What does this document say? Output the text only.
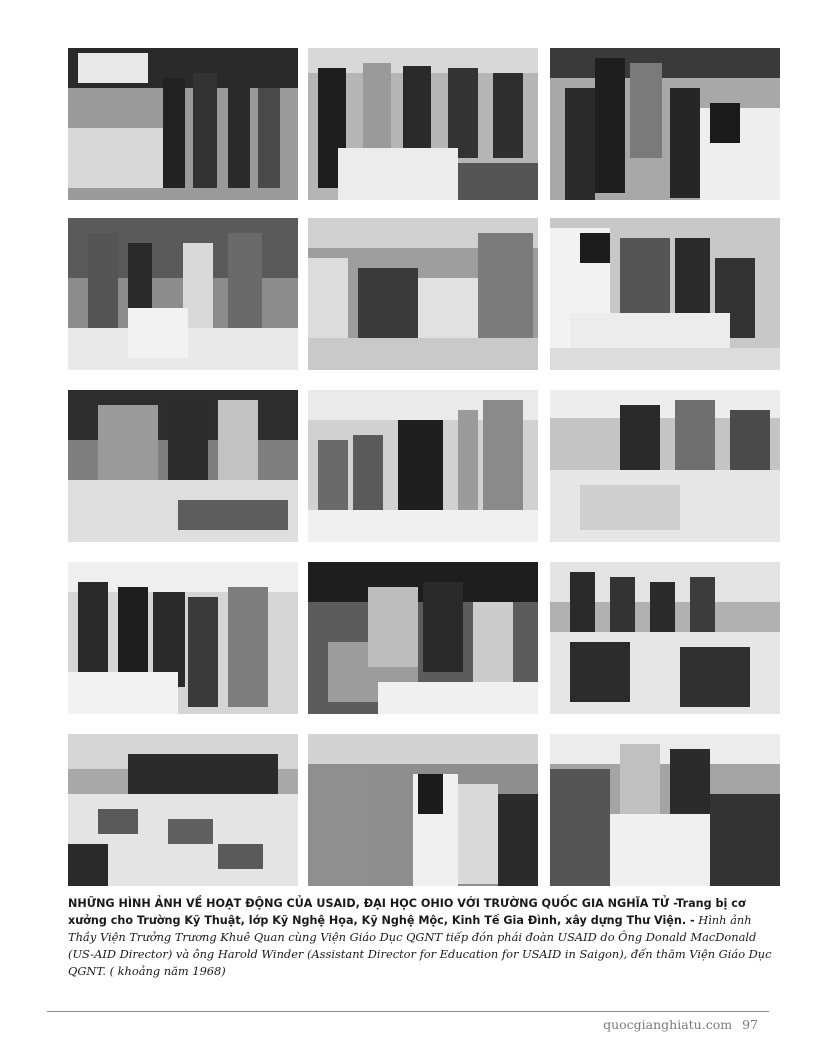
NHỮNG HÌNH ẢNH VỀ HOẠT ĐỘNG CỦA USAID, ĐẠI HỌC OHIO VỚI TRƯỜNG QUỐC GIA NGHĨA TỬ -Trang bị cơ xưởng cho Trường Kỹ Thuật, lớp Kỹ Nghệ Họa, Kỹ Nghệ Mộc, Kinh Tế Gia Đình, xây dựng Thư Viện. - Hình ảnh Thầy Viện Trưởng Trương Khuê Quan cùng Viện Giáo Dục QGNT tiếp đón phái đoàn USAID do Ông Donald MacDonald (US-AID Director) và ông Harold Winder (Assistant Director for Education for USAID in Saigon), đến thăm Viện Giáo Dục QGNT. ( khoảng năm 1968)
quocgianghiatu.com 97
